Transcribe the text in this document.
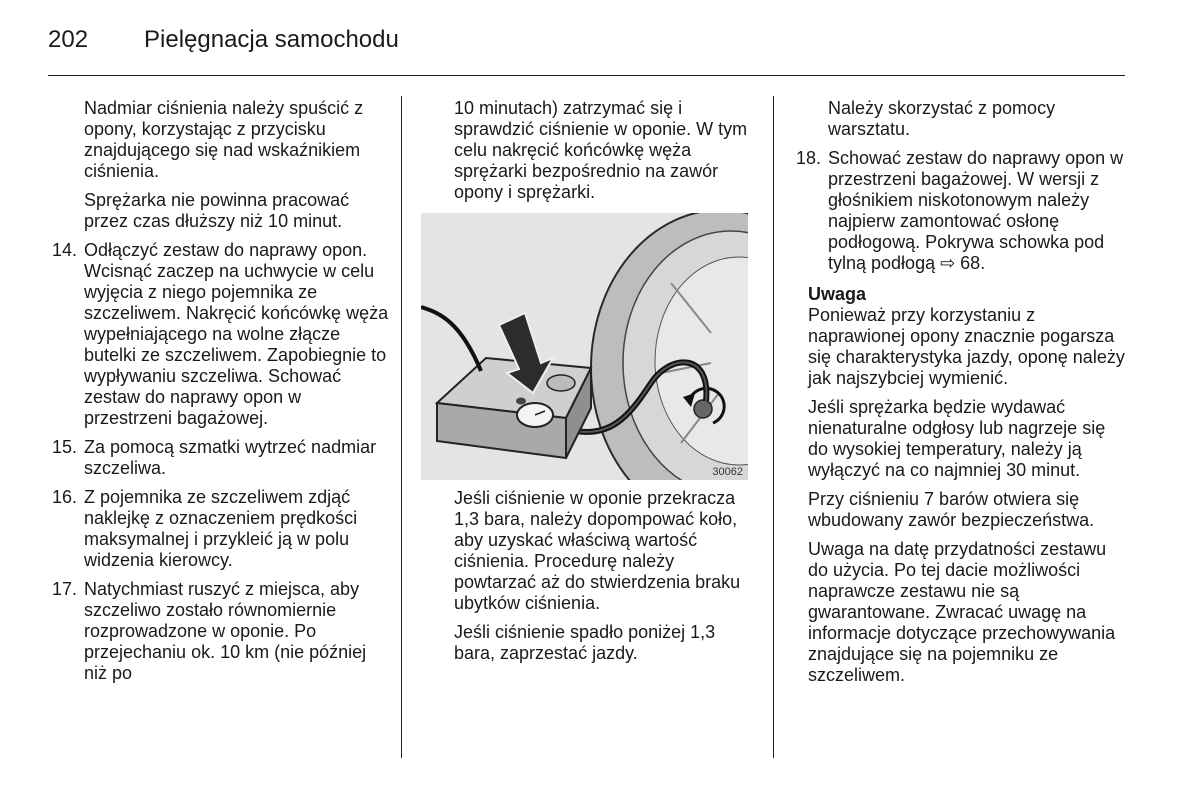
202 Pielęgnacja samochodu

Nadmiar ciśnienia należy spuścić z opony, korzystając z przycisku znajdującego się nad wskaźnikiem ciśnienia.

Sprężarka nie powinna pracować przez czas dłuższy niż 10 minut.

14. Odłączyć zestaw do naprawy opon. Wcisnąć zaczep na uchwycie w celu wyjęcia z niego pojemnika ze szczeliwem. Nakręcić końcówkę węża wypełniającego na wolne złącze butelki ze szczeliwem. Zapobiegnie to wypływaniu szczeliwa. Schować zestaw do naprawy opon w przestrzeni bagażowej.
15. Za pomocą szmatki wytrzeć nadmiar szczeliwa.
16. Z pojemnika ze szczeliwem zdjąć naklejkę z oznaczeniem prędkości maksymalnej i przykleić ją w polu widzenia kierowcy.
17. Natychmiast ruszyć z miejsca, aby szczeliwo zostało równomiernie rozprowadzone w oponie. Po przejechaniu ok. 10 km (nie później niż po

10 minutach) zatrzymać się i sprawdzić ciśnienie w oponie. W tym celu nakręcić końcówkę węża sprężarki bezpośrednio na zawór opony i sprężarki.

30062

Jeśli ciśnienie w oponie przekracza 1,3 bara, należy dopompować koło, aby uzyskać właściwą wartość ciśnienia. Procedurę należy powtarzać aż do stwierdzenia braku ubytków ciśnienia.

Jeśli ciśnienie spadło poniżej 1,3 bara, zaprzestać jazdy.

Należy skorzystać z pomocy warsztatu.

18. Schować zestaw do naprawy opon w przestrzeni bagażowej. W wersji z głośnikiem niskotonowym należy najpierw zamontować osłonę podłogową. Pokrywa schowka pod tylną podłogą ⇨ 68.

Uwaga

Ponieważ przy korzystaniu z naprawionej opony znacznie pogarsza się charakterystyka jazdy, oponę należy jak najszybciej wymienić.

Jeśli sprężarka będzie wydawać nienaturalne odgłosy lub nagrzeje się do wysokiej temperatury, należy ją wyłączyć na co najmniej 30 minut.

Przy ciśnieniu 7 barów otwiera się wbudowany zawór bezpieczeństwa.

Uwaga na datę przydatności zestawu do użycia. Po tej dacie możliwości naprawcze zestawu nie są gwarantowane. Zwracać uwagę na informacje dotyczące przechowywania znajdujące się na pojemniku ze szczeliwem.
